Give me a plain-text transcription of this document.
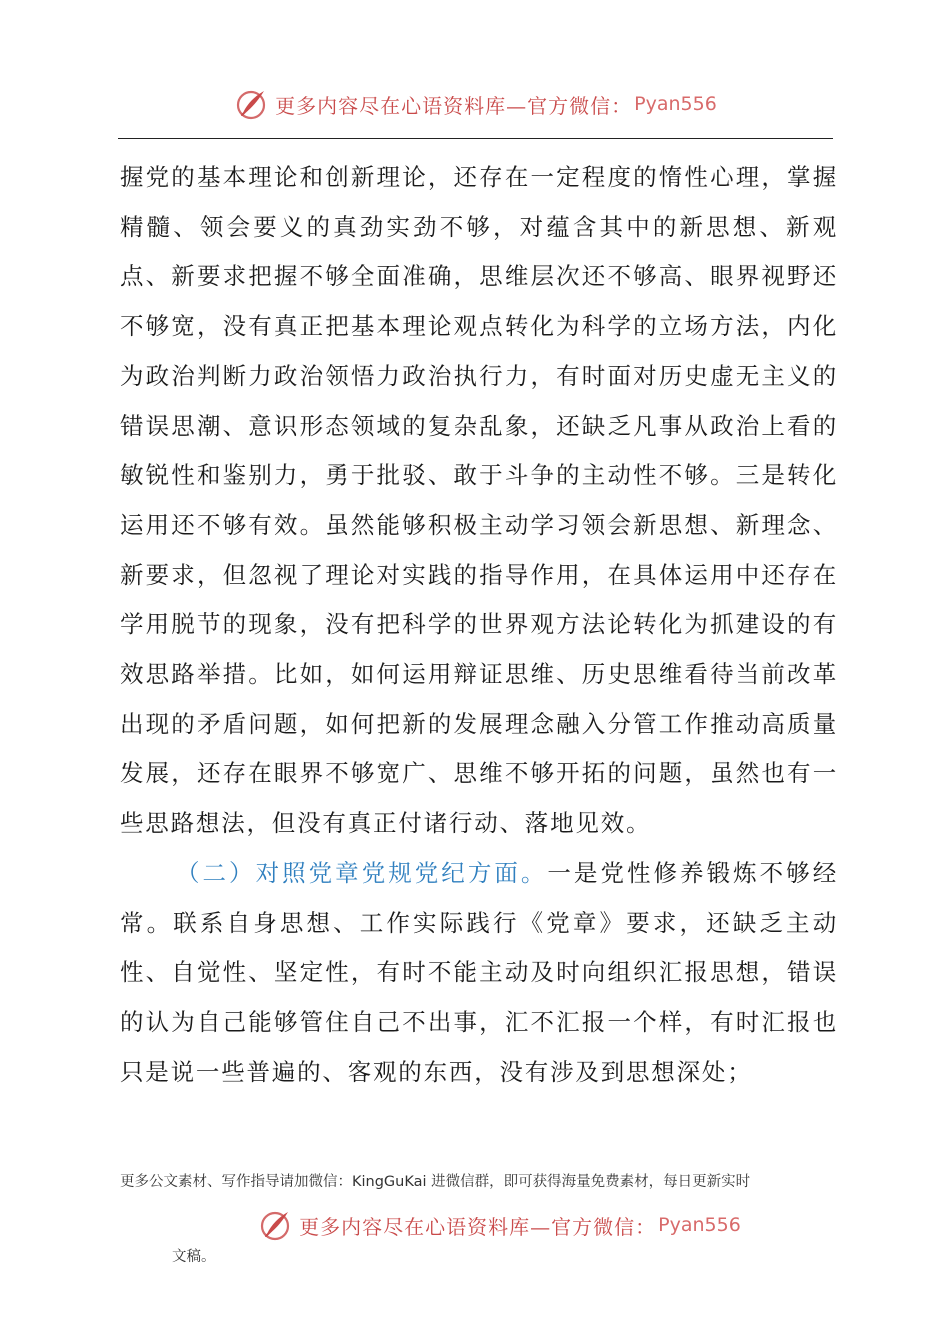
更多内容尽在心语资料库—官方微信： Pyan556

握党的基本理论和创新理论，还存在一定程度的惰性心理，掌握精髓、领会要义的真劲实劲不够，对蕴含其中的新思想、新观点、新要求把握不够全面准确，思维层次还不够高、眼界视野还不够宽，没有真正把基本理论观点转化为科学的立场方法，内化为政治判断力政治领悟力政治执行力，有时面对历史虚无主义的错误思潮、意识形态领域的复杂乱象，还缺乏凡事从政治上看的敏锐性和鉴别力，勇于批驳、敢于斗争的主动性不够。三是转化运用还不够有效。虽然能够积极主动学习领会新思想、新理念、新要求，但忽视了理论对实践的指导作用，在具体运用中还存在学用脱节的现象，没有把科学的世界观方法论转化为抓建设的有效思路举措。比如，如何运用辩证思维、历史思维看待当前改革出现的矛盾问题，如何把新的发展理念融入分管工作推动高质量发展，还存在眼界不够宽广、思维不够开拓的问题，虽然也有一些思路想法，但没有真正付诸行动、落地见效。

（二）对照党章党规党纪方面。一是党性修养锻炼不够经常。联系自身思想、工作实际践行《党章》要求，还缺乏主动性、自觉性、坚定性，有时不能主动及时向组织汇报思想，错误的认为自己能够管住自己不出事，汇不汇报一个样，有时汇报也只是说一些普遍的、客观的东西，没有涉及到思想深处；

更多公文素材、写作指导请加微信：KingGuKai 进微信群，即可获得海量免费素材，每日更新实时
更多内容尽在心语资料库—官方微信： Pyan556
文稿。
